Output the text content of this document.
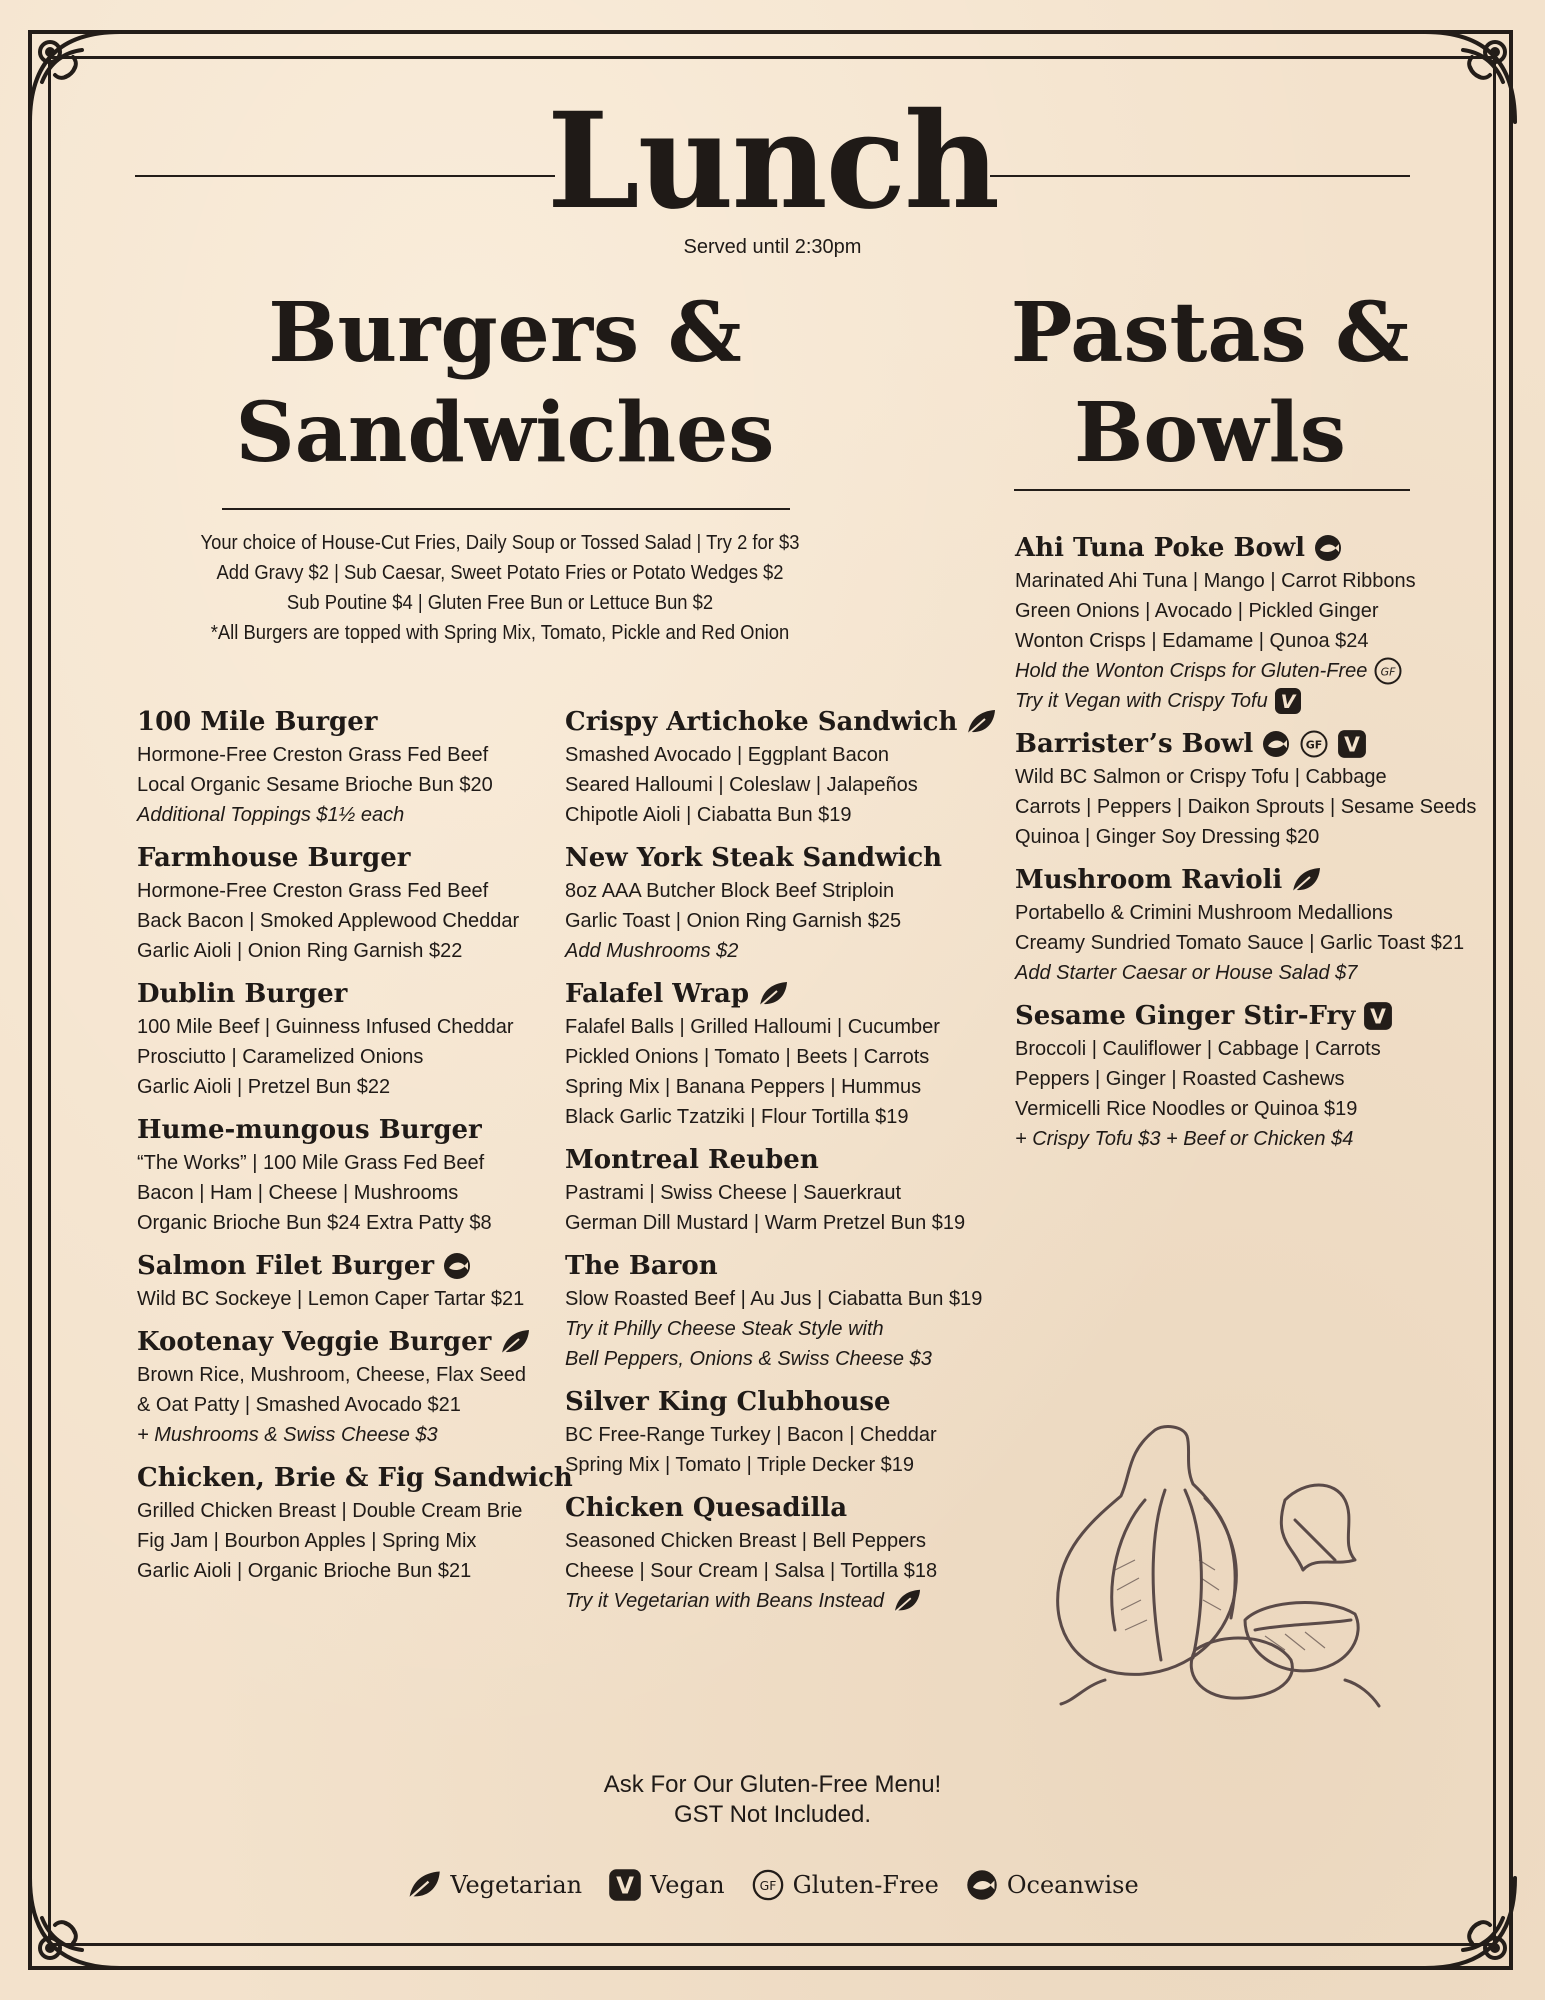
Lunch
Served until 2:30pm
Burgers &
Sandwiches
Pastas &
Bowls
Your choice of House-Cut Fries, Daily Soup or Tossed Salad | Try 2 for $3
Add Gravy $2 | Sub Caesar, Sweet Potato Fries or Potato Wedges $2
Sub Poutine $4 | Gluten Free Bun or Lettuce Bun $2
*All Burgers are topped with Spring Mix, Tomato, Pickle and Red Onion
100 Mile Burger
Hormone-Free Creston Grass Fed Beef
Local Organic Sesame Brioche Bun $20
Additional Toppings $1½ each
Farmhouse Burger
Hormone-Free Creston Grass Fed Beef
Back Bacon | Smoked Applewood Cheddar
Garlic Aioli | Onion Ring Garnish $22
Dublin Burger
100 Mile Beef | Guinness Infused Cheddar
Prosciutto | Caramelized Onions
Garlic Aioli | Pretzel Bun $22
Hume-mungous Burger
“The Works” | 100 Mile Grass Fed Beef
Bacon | Ham | Cheese | Mushrooms
Organic Brioche Bun $24 Extra Patty $8
Salmon Filet Burger
Wild BC Sockeye | Lemon Caper Tartar $21
Kootenay Veggie Burger
Brown Rice, Mushroom, Cheese, Flax Seed
& Oat Patty | Smashed Avocado $21
+ Mushrooms & Swiss Cheese $3
Chicken, Brie & Fig Sandwich
Grilled Chicken Breast | Double Cream Brie
Fig Jam | Bourbon Apples | Spring Mix
Garlic Aioli | Organic Brioche Bun $21
Crispy Artichoke Sandwich
Smashed Avocado | Eggplant Bacon
Seared Halloumi | Coleslaw | Jalapeños
Chipotle Aioli | Ciabatta Bun $19
New York Steak Sandwich
8oz AAA Butcher Block Beef Striploin
Garlic Toast | Onion Ring Garnish $25
Add Mushrooms $2
Falafel Wrap
Falafel Balls | Grilled Halloumi | Cucumber
Pickled Onions | Tomato | Beets | Carrots
Spring Mix | Banana Peppers | Hummus
Black Garlic Tzatziki | Flour Tortilla $19
Montreal Reuben
Pastrami | Swiss Cheese | Sauerkraut
German Dill Mustard | Warm Pretzel Bun $19
The Baron
Slow Roasted Beef | Au Jus | Ciabatta Bun $19
Try it Philly Cheese Steak Style with
Bell Peppers, Onions & Swiss Cheese $3
Silver King Clubhouse
BC Free-Range Turkey | Bacon | Cheddar
Spring Mix | Tomato | Triple Decker $19
Chicken Quesadilla
Seasoned Chicken Breast | Bell Peppers
Cheese | Sour Cream | Salsa | Tortilla $18
Try it Vegetarian with Beans Instead
Ahi Tuna Poke Bowl
Marinated Ahi Tuna | Mango | Carrot Ribbons
Green Onions | Avocado | Pickled Ginger
Wonton Crisps | Edamame | Qunoa $24
Hold the Wonton Crisps for Gluten-Free GF
Try it Vegan with Crispy Tofu V
Barrister’s Bowl	GF V
Wild BC Salmon or Crispy Tofu | Cabbage
Carrots | Peppers | Daikon Sprouts | Sesame Seeds
Quinoa | Ginger Soy Dressing $20
Mushroom Ravioli
Portabello & Crimini Mushroom Medallions
Creamy Sundried Tomato Sauce | Garlic Toast $21
Add Starter Caesar or House Salad $7
Sesame Ginger Stir-Fry V
Broccoli | Cauliflower | Cabbage | Carrots
Peppers | Ginger | Roasted Cashews
Vermicelli Rice Noodles or Quinoa $19
+ Crispy Tofu $3 + Beef or Chicken $4
Ask For Our Gluten-Free Menu!
GST Not Included.
Vegetarian V Vegan	GF Gluten-Free	Oceanwise
